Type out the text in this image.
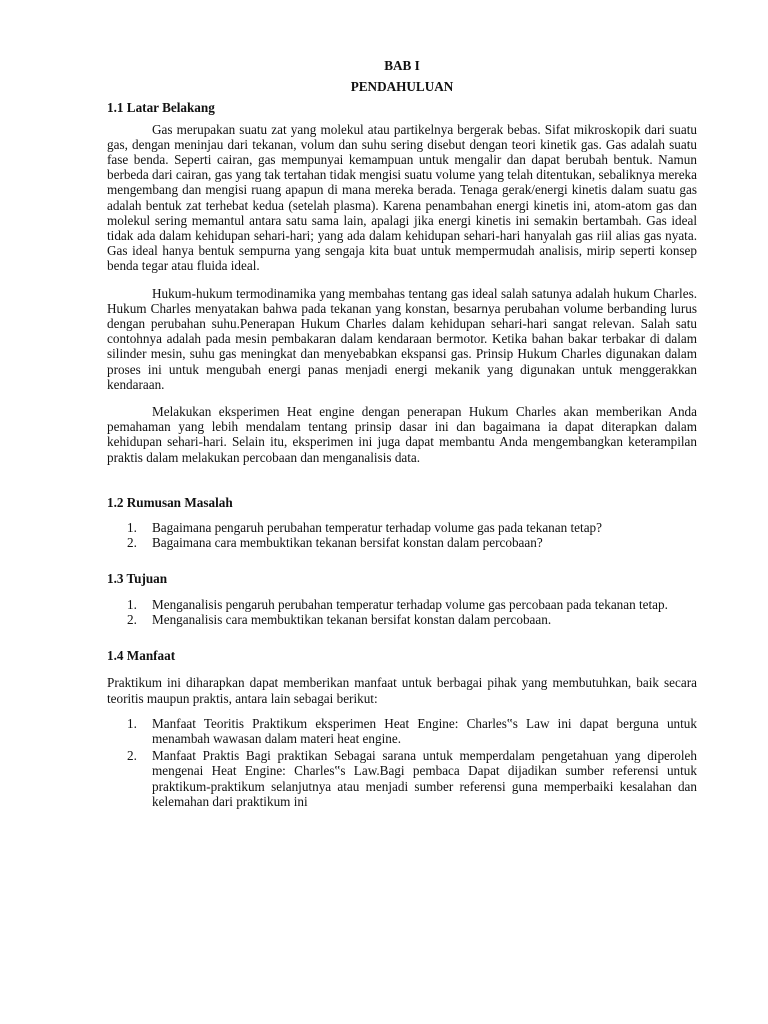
BAB I
PENDAHULUAN
1.1 Latar Belakang

Gas merupakan suatu zat yang molekul atau partikelnya bergerak bebas. Sifat mikroskopik dari suatu gas, dengan meninjau dari tekanan, volum dan suhu sering disebut dengan teori kinetik gas. Gas adalah suatu fase benda. Seperti cairan, gas mempunyai kemampuan untuk mengalir dan dapat berubah bentuk. Namun berbeda dari cairan, gas yang tak tertahan tidak mengisi suatu volume yang telah ditentukan, sebaliknya mereka mengembang dan mengisi ruang apapun di mana mereka berada. Tenaga gerak/energi kinetis dalam suatu gas adalah bentuk zat terhebat kedua (setelah plasma). Karena penambahan energi kinetis ini, atom-atom gas dan molekul sering memantul antara satu sama lain, apalagi jika energi kinetis ini semakin bertambah. Gas ideal tidak ada dalam kehidupan sehari-hari; yang ada dalam kehidupan sehari-hari hanyalah gas riil alias gas nyata. Gas ideal hanya bentuk sempurna yang sengaja kita buat untuk mempermudah analisis, mirip seperti konsep benda tegar atau fluida ideal.

Hukum-hukum termodinamika yang membahas tentang gas ideal salah satunya adalah hukum Charles. Hukum Charles menyatakan bahwa pada tekanan yang konstan, besarnya perubahan volume berbanding lurus dengan perubahan suhu.Penerapan Hukum Charles dalam kehidupan sehari-hari sangat relevan. Salah satu contohnya adalah pada mesin pembakaran dalam kendaraan bermotor. Ketika bahan bakar terbakar di dalam silinder mesin, suhu gas meningkat dan menyebabkan ekspansi gas. Prinsip Hukum Charles digunakan dalam proses ini untuk mengubah energi panas menjadi energi mekanik yang digunakan untuk menggerakkan kendaraan.

Melakukan eksperimen Heat engine dengan penerapan Hukum Charles akan memberikan Anda pemahaman yang lebih mendalam tentang prinsip dasar ini dan bagaimana ia dapat diterapkan dalam kehidupan sehari-hari. Selain itu, eksperimen ini juga dapat membantu Anda mengembangkan keterampilan praktis dalam melakukan percobaan dan menganalisis data.

1.2 Rumusan Masalah
1. Bagaimana pengaruh perubahan temperatur terhadap volume gas pada tekanan tetap?
2. Bagaimana cara membuktikan tekanan bersifat konstan dalam percobaan?
1.3 Tujuan
1. Menganalisis pengaruh perubahan temperatur terhadap volume gas percobaan pada tekanan tetap.
2. Menganalisis cara membuktikan tekanan bersifat konstan dalam percobaan.
1.4 Manfaat

Praktikum ini diharapkan dapat memberikan manfaat untuk berbagai pihak yang membutuhkan, baik secara teoritis maupun praktis, antara lain sebagai berikut:

1. Manfaat Teoritis Praktikum eksperimen Heat Engine: Charles‟s Law ini dapat berguna untuk menambah wawasan dalam materi heat engine.
2. Manfaat Praktis Bagi praktikan Sebagai sarana untuk memperdalam pengetahuan yang diperoleh mengenai Heat Engine: Charles‟s Law.Bagi pembaca Dapat dijadikan sumber referensi untuk praktikum-praktikum selanjutnya atau menjadi sumber referensi guna memperbaiki kesalahan dan kelemahan dari praktikum ini
